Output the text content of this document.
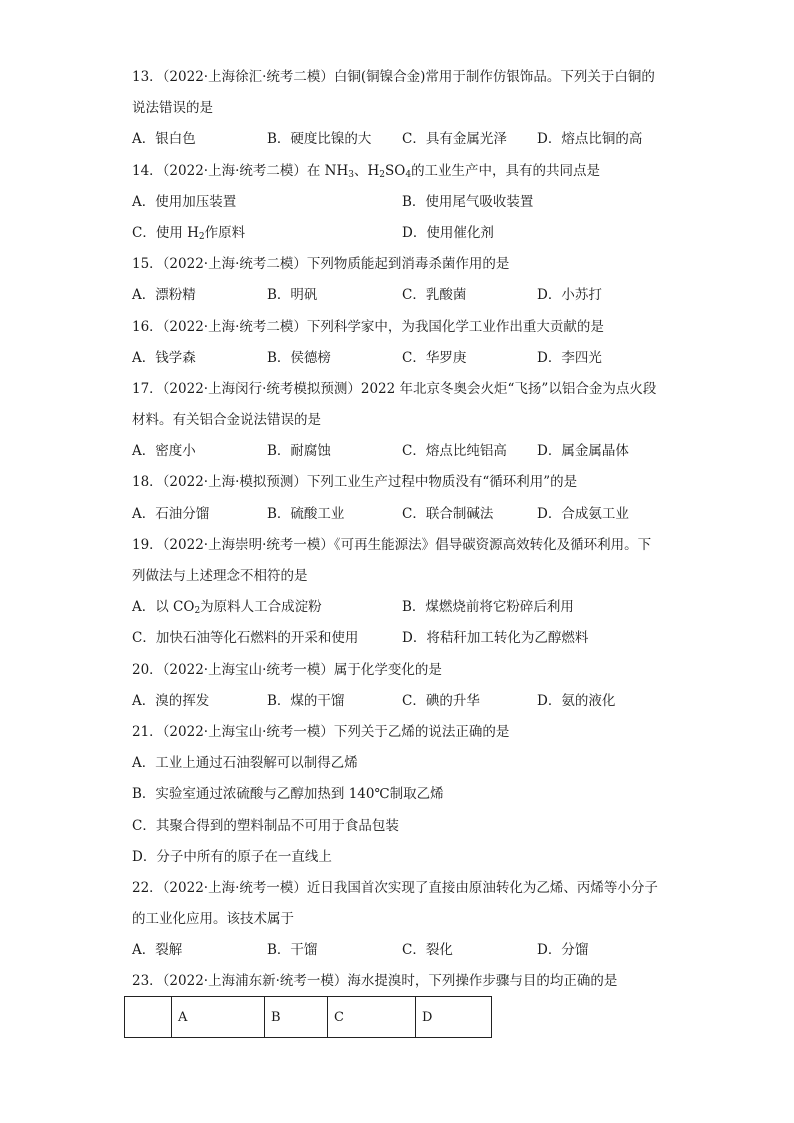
13．（2022·上海徐汇·统考二模）白铜(铜镍合金)常用于制作仿银饰品。下列关于白铜的
说法错误的是
A．银白色	B．硬度比镍的大	C．具有金属光泽	D．熔点比铜的高
14．（2022·上海·统考二模）在 $NH_3$、$H_2SO_4$的工业生产中，具有的共同点是
A．使用加压装置	B．使用尾气吸收装置
C．使用 $H_2$作原料	D．使用催化剂
15．（2022·上海·统考二模）下列物质能起到消毒杀菌作用的是
A．漂粉精	B．明矾	C．乳酸菌	D．小苏打
16．（2022·上海·统考二模）下列科学家中，为我国化学工业作出重大贡献的是
A．钱学森	B．侯德榜	C．华罗庚	D．李四光
17．（2022·上海闵行·统考模拟预测）2022 年北京冬奥会火炬“飞扬”以铝合金为点火段
材料。有关铝合金说法错误的是
A．密度小	B．耐腐蚀	C．熔点比纯铝高	D．属金属晶体
18．（2022·上海·模拟预测）下列工业生产过程中物质没有“循环利用”的是
A．石油分馏	B．硫酸工业	C．联合制碱法	D．合成氨工业
19．（2022·上海崇明·统考一模）《可再生能源法》倡导碳资源高效转化及循环利用。下
列做法与上述理念不相符的是
A．以 $CO_2$为原料人工合成淀粉	B．煤燃烧前将它粉碎后利用
C．加快石油等化石燃料的开采和使用	D．将秸秆加工转化为乙醇燃料
20．（2022·上海宝山·统考一模）属于化学变化的是
A．溴的挥发	B．煤的干馏	C．碘的升华	D．氨的液化
21．（2022·上海宝山·统考一模）下列关于乙烯的说法正确的是
A．工业上通过石油裂解可以制得乙烯
B．实验室通过浓硫酸与乙醇加热到 140℃制取乙烯
C．其聚合得到的塑料制品不可用于食品包装
D．分子中所有的原子在一直线上
22．（2022·上海·统考一模）近日我国首次实现了直接由原油转化为乙烯、丙烯等小分子
的工业化应用。该技术属于
A．裂解	B．干馏	C．裂化	D．分馏
23．（2022·上海浦东新·统考一模）海水提溴时，下列操作步骤与目的均正确的是
	A	B	C	D
